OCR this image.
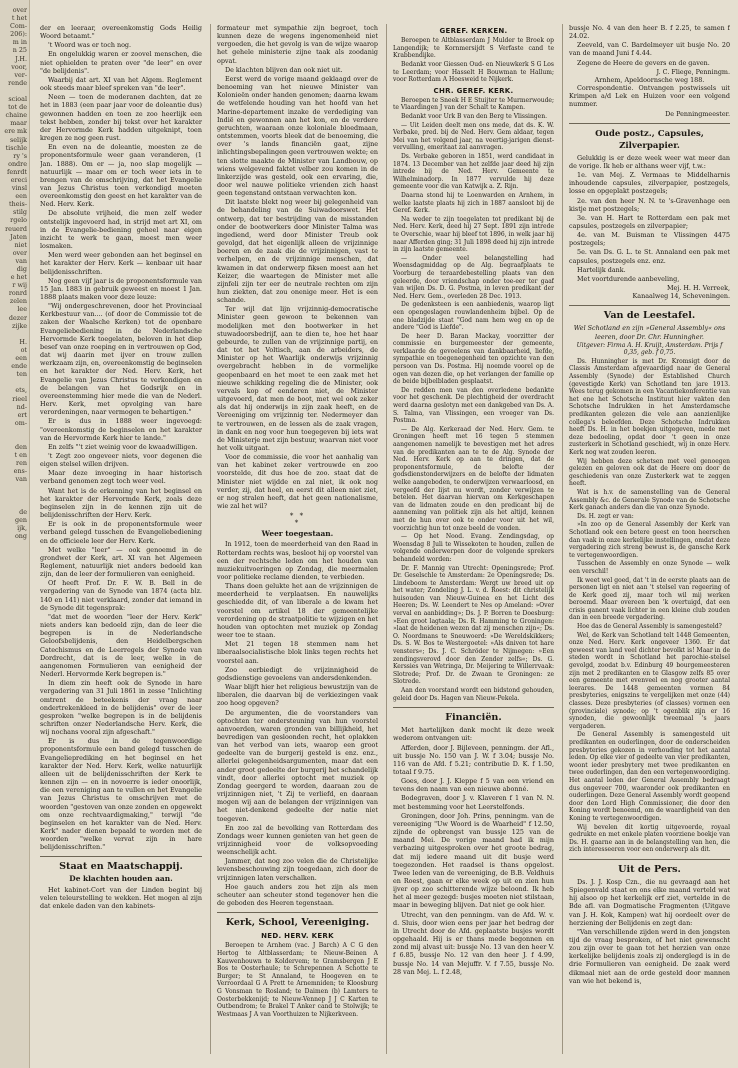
over
t het
Com-
206):
m in
n 25
J.H.
voor,
ver-
rende

scioal
tot de
chaine
maar
ere mk
selijk
tischle
ry 's
ondre
fenrdt
ereci
vinsl
een
theis-
stilg
rgelo
reuerd
Jaten
niet
over
van
dig
e het
r wij
ronrd
zelen
lee
dezer
zijke

H.
ot
een
ende
ten

ets,
rieel
nd-
ert
om-

den
t en
ren
ens-
van

de
gen
ijk,
ong

der en leeraar, overeenkomstig Gods Heilig Woord betaamt."

't Woord was er toch nog.

En ongelukkig waren er zoovel menschen, die niet ophielden te praten over "de leer" en over "de belijdenis".

Waarbij dat art. XI van het Algem. Reglement ook steeds maar bleef spreken van "de leer".

Neen — toen de moderanen dachten, dat ze het in 1883 (een paar jaar voor de doleantie dus) gewonnen hadden en toen ze zoo heerlijk een tekst hebben, zonder bij tekst over het karakter der Hervormde Kerk hadden uitgeknipt, toen kregen ze nog geen rust.

En even na de doleantie, moesten ze de proponentsformule weer gaan veranderen, (1 Jan. 1888). Om er — ja, noo slap mogelijk — natuurlijk — maar om er toch weer iets in te brengen van de omschrijving, dat het Evangelie van Jezus Christus toen verkondigd moeten overeenkomstig den geest en het karakter van de Ned. Herv. Kerk.

De absolute vrijheid, die men zelf weder ontstelijk ingevoerd had, in strijd met art XI, om in de Evangelie-bediening geheel naar eigen inzicht te werk te gaan, moest men weer losmaken.

Men werd weer gebonden aan het beginsel en het karakter der Herv. Kerk — kenbaar uit haar belijdenisschriften.

Nog geen vijf jaar is de proponentsformule van 15 Jan. 1883 in gebruik geweest en moest 1 Jan. 1888 plaats maken voor deze leuze:

"Wij ondergeschrevenen, door het Provinciaal Kerkbestuur van.... (of door de Commissie tot de zaken der Waalsche Kerken) tot de openbare Evangeliebediening in de Nederlandsche Hervormde Kerk toegelaten, beloven in het diep besef van onze roeping en in vertrouwen op God, dat wij daarin met ijver en trouw zullen werkzaam zijn, en, overeenkomstig de beginselen en het karakter der Ned. Herv. Kerk, het Evangelie van Jezus Christus te verkondigen en de belangen van het Godsrijk en in overeenstemming hier mede die van de Nederl. Herv. Kerk, met opvolging van hare verordeningen, naar vermogen te behartigen."

Er is dus in 1888 weer ingevoegd: "overeenkomstig de beginselen en het karakter van de Hervormde Kerk hier te lande."

En zelfs "'t ziet weinig voor de kwaadwilligen.

't Zegt zoo ongeveer niets, voor degenen die eigen stelsel willen drijven.

Maar deze invoeging in haar historisch verband genomen zegt toch weer veel.

Want het is de erkenning van het beginsel en het karakter der Hervormde Kerk, zoals deze beginselen zijn in de kennen zijn uit de belijdenisschriften der Herv. Kerk.

Er is ook in de proponentsformule weer verband gelegd tusschen de Evangeliebediening en de officieele leer der Herv. Kerk.

Met welke "leer" — ook genoemd in de grondwet der Kerk, art. XI van het Algemeen Reglement, natuurlijk niet anders bedoeld kan zijn, dan de leer der formulieren van eenigheid.

Of heeft Prof. Dr. F. W. B. Bell in de vergadering van de Synode van 1874 (acta blz. 140 en 141) niet verklaard, zonder dat iemand in de Synode dit tegensprak:

"dat met de woorden "leer der Herv. Kerk" niets anders kan bedoeld zijn, dan de leer die begrepen is in de Nederlandsche Geloofsbelijdenis, den Heidelbergschen Catechismus en de Leerregels der Synode van Dordrecht, dat is de leer, welke in de aangenomen Formulieren van eenigheid der Nederl. Hervormde Kerk begrepen is."

In diem zin heeft ook de Synode in hare vergadering van 31 Juli 1861 in zesse "Inlichting omtrent de beteekenis der vraag naar ondertrekenkleed in de belijdenis" over de leer gesproken "welke begrepen is in de belijdenis schriften onzer Nederlandsche Herv. Kerk, die wij nochans vooral zijn afgeschaft."

Er is dus in de tegenwoordige proponentsformule een band gelegd tusschen de Evangelieprediking en het beginsel en het karakter der Ned. Herv. Kerk, welke natuurlijk alleen uit de belijdenisschriften der Kerk te kennen zijn — en in novoerre is ieder onoorlijk, die een vereniging aan te vullen en het Evangelie van Jezus Christus te omschrijven met de woorden "gestoven van onze zonden en opgewekt om onze rechtvaardigmaking," terwijl "de beginselen en het karakter van de Ned. Herv. Kerk" nader dienen bepaald te worden met de woorden "welke vervat zijn in hare belijdenisschriften."

Staat en Maatschappij.
De klachten houden aan.

Het kabinet-Cort van der Linden begint bij velen teleurstelling te wekken. Het mogen al zijn dat enkele daden van den kabinets-

formateur met sympathie zijn begroet, toch kunnen deze de wegens ingenomenheid niet vergoeden, die het gevolg is van de wijze waarop het gehele ministerie zijne taak als zoodanig opvat.

De klachten blijven dan ook niet uit.

Eerst werd de vorige maand geklaagd over de benoeming van het nieuwe Minister van Kolonieën onder handen genomen; daarna kwam de wetfelende houding van het hoofd van het Marine-departement inzake de verdediging van Indië en gewonnen aan het kon, en de verdere geruchten, waaraan onze koloniale bloedmaan, ontstemmen, voorts bleek dat de benoeming, die over 's lands financiën gaat, zijne inlichtingsbepalingen geen vertrouwen wekte; en ten slotte maakte de Minister van Landbouw, op wiens welgevend faktet velber zou komen in de linkerzijde was gesteld, ook een ervaring, die, door wel nauwe politieke vrienden zich haast geen tegenstand ontstaan verwachten kon.

Dit laatste blekt nog weer bij gelegenheid van de behandeling van de Suiwadoorswet. Het ontwerp, dat ter bestrijding van de misstanden onder de bootwerkers door Minister Talma was ingediend, werd door Minister Treub ook gevolgd, dat het eigenlijk alleen de vrijzinnige boeren en de zaak die de vrijzinnigen, vast te verhelpen, en de vrijzinnige menschen, dat kwamen in dat onderwerp fiksen moest aan het Keizer, die waartegen de Minister met alle zijnfeli zijn ter eer de neutrale rechten om zijn hun ziekten, dat zou onenige meer. Het is een schande.

Ter wijl dat lijn vrijzinnig-democratische Minister geen gewoon te bekennen van modelijken met den bootwerker in het stuwadoorsbedrijf, aan te dien te, hoe het haar gebeurde, te zullen van de vrijzinnige partij, en dat tot het Voltisch, aan de arbeiders, de Minister op het Waarlijk onderwijs vrijzinnig overgebracht hebben in de vormelijke geopenbaard en het moet te een zaak met het nieuwe schikking regeling die de Minister, ook vervals kop of eenderen niet, de Minister uitgevoerd, dat men de boot, met wel ook zeker als dat hij onderwijs in zijn zaak heeft, en de Vereeniging om vrijzinnig ter. Nedermeyer dan te vertrouwen, en de lessen als de zaak vragen, in dank en nog voor hun toegegeven bij iets wat de Ministerje met zijn bestuur, waarvan niet voor het volk uitgaat.

Voor de commissie, die voor het aanhalig van van het kabinet zeker vertrouwde en zoo voorstelde, dit dus hoe de zoo. staat dat de Minister niet wijdde en zal niet, ik ook nog verder, zij, dat heel, en eerst dit alleen niet ziet, er nog stralen heeft, dat het geen nationalisme, wie zal het wil?

* *
*
Weer toegestaan.

In 1912, toen de meerderheid van den Raad in Rotterdam rechts was, besloot hij op voorstel van een der rechtsche leden om het houden van muziekuitvoeringen op Zondag, die meermalen voor politieke reclame dienden, te verbieden.

Thans doen gelukte het aan de vrijzinnigen de meerderheid te verplaatsen. En nauwelijks geschiedde dit, of van liberale a de kwam het voorstel om artikel 18 der gemeentelijke verordening op de straatpolitie te wijzigen en het houden van optochten met muziek op Zondag weer toe te staan.

Met 21 tegen 18 stemmen nam het liberaalsocialistische blok links tegen rechts het voorstel aan.

Zoo eerbiedigt de vrijzinnigheid de godsdienstige gevoelens van andersdenkenden.

Waar blijft hier het religieus bewustzijn van de liberalen, die daarvan bij de verkiezingen vaak zoo hoog opgeven?

De argumenten, die de voorstanders van optochten ter ondersteuning van hun voorstel aanvoerden, waren gronden van billijkheid, het bevredigen van gesloonden recht, het oplakken van het verbod van iets, waarop een groot gedeelte van de burgerij gesteld is enz. enz., allerlei gelegenheidsargumenten, maar dat een ander groot gedeelte der burgerij het schandelijk vindt, door allerlei optocht met muziek op Zondag geergerd te worden, daaraan zou de vrijzinnigen niet, 't Zij te verliefd, en daaraan mogen wij aan de belangen der vrijzinnigen van het niet-denkend gedeelte der natie niet toegeven.

En zoo zal de bevolking van Rotterdam des Zondags weer kunnen genieten van het geen de vrijzinnigheid voor de volksopvoeding weenschelijk acht.

Jammer, dat nog zoo velen die de Christelijke levensbeschouwing zijn toegedaan, zich door de vrijzinnigen laten verschalken.

Hoe gauch anders zou het zijn als men scheuter aan scheuter stond tegenover hen die de geboden des Heeren tegenstaan.

Kerk, School, Vereeniging.
NED. HERV. KERK

Beroepen te Arnhem (vac. J Barch) A C G den Hertog te Altblasserdam; te Nieuw-Beinen A Kauwenhouwn te Koldervem; te Gramsbergen J E Bos te Oosterhaule; te Schrepennen A Schotte te Burger; te St Annaland, te Hoogeven en te Verroordaal G A Prett te Arnemniden; te Kloosburg G Vonsman te Rosland; te Daimen (b) Lamters te Oosterbekkenijd; te Nieuw-Vennep J J C Karten te Outbendrom; te Brakel T Anker cand te Stolwijk; te Westmaas J A van Voorthuizen te Nijkerkveen.

GEREF. KERKEN.

Beroepen te Altblasserdam J Mulder te Broek op Langendijk; te Kornmersijdt S Verfaste cand te Krabbendijke.

Bedankt voor Giessen Oud- en Nieuwkerk S G Los te Leerdam; voor Hasselt H Bouwman te Hallum; voor Rotterdam A Hoesweid te Nijkerk.

CHR. GEREF. KERK.

Beroepen te Sneek H E Stuijter te Murmerwoude; te Vlaardingen J van der Schalt te Kampen.

Bedankt voor Urk B van den Berg te Vlissingen.

— Uit Leiden deelt men ons mede, dat ds. K. W. Verbake, pred. bij de Ned. Herv. Gem aldaar, tegen Mei van het volgend jaar, na veertig-jarigen dienst-vervulling, emeritaat zal aanvragen.

Ds. Verbake geboren in 1851, werd candidaat in 1874. 13 December van het zelfde jaar deed hij zijn intrede bij de Ned. Herv. Gemeente te Wilhelminadorp. In 1877 vervulde hij deze gemeente voor die van Katwijk a. Z. Rijn.

Daarna stond hij te Loenwarden en Arnhem, in welke laatste plaats hij zich in 1887 aansloot bij de Geref. Kerk.

Na weder te zijn toegelaten tot predikant bij de Ned. Herv. Kerk, deed hij 27 Sept. 1891 zijn intrede te Overschie, waar hij bleef tot 1896, in welk jaar hij naar Afferden ging; 31 Juli 1898 deed hij zijn intrede in zijn laatste gemeente.

— Onder veel belangstelling had Woensdagmiddag op de Alg. begraafplaats te Voorburg de teraardebestelling plaats van den geleerde, door vriendschap onder toe-eer ter gaaf van wijlen Ds. D. G. Postma, in leven predikant der Ned. Herv. Gem., overleden 28 Dec. 1913.

De gedenksteen is een aanbiedenis, waarop ligt een opengeslagen rouwlandenheim bijbel. Op de ene bladzijde staat "God nam hem weg en op de andere "God is Liefde".

De heer D. Baran Mackay, voorzitter der commissie en burgemeester der gemeente, verklaarde de gevoelens van dankbaarheid, liefde, sympathie en toegenegenheid ten opzichte van den persoon van Ds. Postma. Hij noemde voorel op de ogen van dezen die, op het verlangen der familie op de beide bijbelbladen gesplaatst.

De redden men van den overledene bedankte voor het geschenk. De plechtigheid der overdracht werd daarna geslotyn met een dankgebed van Ds. A. S. Talma, van Vlissingen, een vroeger van Ds. Postma.

— De Alg. Kerkeraad der Ned. Herv. Gem. te Groningen heeft met 16 tegen 5 stemmen aangenomen namelijk te bevestigen met het adres van de predikanten aan te te de Alg. Synode der Ned. Herv. Kerk op aan te dringen, dat de proponentsformule, de belofte der godsdienstonderwijzers en de belofte der lidmaten welke aangeboden, te onderwijzen verwaarloosd, en vergeefd der lijst nu wordt, zonder verwijzen te betelen. Het daarvan hiervan om Kerkgeschapen van de lidmaten zoude en den predicant bij de aanneming van politiek zijn als het altijd, kennen met de hun over ook te onder voor uit het wil, voorzichtig hun tot onze beeld de vonden.

— Op het Nood. Evang. Zendingsdag, op Woensdag 8 Juli te Wissekoten te houden, zullen de volgende onderwerpen door de volgende sprekers behandeld worden:

Dr. F. Mannig van Utrecht: Openingsrede; Prof. Dr. Geselschle te Amsterdam: 2e Openingsrede; Ds. Lindeboom te Amsterdam: Wergt uw breed uit op het water; Zondeling J. L. v. d. Roest: dit christelijk huisouden van Nieuw-Guinea en het Licht des Heeren; Ds. W. Leendert te Nes op Ameland: »Over verval en aanbidding»; Ds. J. P. Borren te Doesburg: »Een groot lagtaala; Ds. R. Hamming te Groningen: »laat de heidenen wezen dat zij menschen zijn«; Ds. O. Noordmans te Sneuwoerd: »De Wereldskikkers; Ds. S. W. Bos te Westergoetel: »Als dniven tot hare vensters«; Ds. J. C. Schröder te Nijmegen: »Een zendingsverovd door den Zender zelfs«; Ds. G. Kerssies van Wetringa, Dr. Meijering te Willerrvaak: Slotrede; Prof. Dr. de Zwaan te Groningen: ze Slotrede.

Aan den voorstand wordt een bidstond gehouden, geleid door Ds. Hagen van Nieuw-Pekela.

Financiën.

Met hartelijken dank mocht ik deze week wederom ontvangen uit:

Afferden, door J. Bijleveen, penningm. der Afl., uit bussje No. 150 van J. W. f 3.04; bussje No. 116 van de Afd. f 5.21; contributie D. K. f 1.50, totaal f 9.75.

Goes, door J. J. Kleppe f 5 van een vriend en tevens den naam van een nieuwe abonné.

Bodegraven, door J. v. Klaveren f 1 van N. N. met bestemming voor het Leerstelfonds.

Groningen, door Joh. Prins, penningm. van de vereeniging "Uw Woord is de Waarheid" f 12.50, zijnde de opbrengst van bussje 125 van de maand Mei. De vorige maand had ik mijn verbazing uitgesproken over het groote bedrag, dat mij iedere maand uit dit busje werd toegezonden. Het raadsel is thans opgelost. Twee leden van de vereeniging, de B.B. Veldhuis en Roest, gaan er elke week op uit en zien hun ijver op zoo schitterende wijze beloond. Ik heb het al meer gezegd: busjes moeten niet stilstaan, maar in beweging blijven. Dat niet ge ook hier.

Utrecht, van den penningm. van de Afd. W. v. d. Sluis, door wien eens per jaar het bedrag der in Utrecht door de Afd. geplaatste busjes wordt opgehaald. Hij is er thans mede begonnen en zond mij alvast uit: bussje No. 13 van den heer V. f 6.85, bussje No. 12 van den heer J. f 4.99, bussje No. 14 van Mejuffr. V. f 7.55, bussje No. 28 van Mej. L. f 2.48,

bussje No. 4 van den heer B. f 2.25, te samen f 24.02.

Zeeveld, van C. Bardelmeyer uit busje No. 20 van de maand Juni f 4.44.

Zegene de Heere de gevers en de gaven.

J. C. Fliege, Penningm.
Arnhem, Apeldoornsche weg 188.

Correspondentie. Ontvangen postwissels uit Krimpen a/d Lek en Huizen voor een volgend nummer.

De Penningmeester.
Oude postz., Capsules, Zilverpapier.

Gelukkig is er deze week weer wat meer dan de vorige. Ik heb er althans weer vijf, t.w.:

1e. van Mej. Z. Vermaas te Middelharnis inhoudende capsules, zilverpapier, postzegels, losse en opgeplakt postzegels;

2e. van den heer N. N. te 's-Gravenhage een kistje met postzegels;

3e. van H. Hart te Rotterdam een pak met capsules, postzegels en zilverpapier;

4e. van M. Buisman te Vlissingen 4475 postzegels;

5e. van Ds. G. L. te St. Annaland een pak met capsules, postzegels enz. enz.

Hartelijk dank.

Met voortdurende aanbeveling,

Mej. H. H. Verreek,
Kanaalweg 14, Scheveningen.
Van de Leestafel.

Wel Schotland en zijn »General Assembly« ons leeren, door Dr. Chr. Hunningher.

Uitgever: Firma A. H. Kruijt, Amsterdam. Prijs f 0,35, geb. f 0,75.

Ds. Hunningher is met Dr. Kromsigt door de Classis Amsterdam afgevaardigd naar de General Assembly (Synode) der Established Church (gevestigde Kerk) van Schotland ten jare 1913. Wees terug gekomen in een Vacantiekonferentie van het ene het Schotsche Instituut hier vakten den Schotsche Indrukken in het Amsterdamsche predikanten gelezen die vele aan aanzienlijke collega's beleefden. Deze Schotsche Indrukken heeft Ds. H. in het boekjen uitgegeven, mede met deze bedoeling, opdat door 't geen in onze zusterkerk in Schotland geschiedt, wij in onze Herv. Kerk nog wat zouden leeren.

Wij hebben deze schetsen met veel genoegen gelezen en geloven ook dat de Heere om door de geschiedenis van onze Zusterkerk wat te zeggen heeft.

Wat is h.v. de samenstelling van de General Assembly &c. de Generale Synode van de Schotsche Kerk ganach anders dan die van onze Synode.

Ds. H. zegt er van:

»In zoo op de General Assembly der Kerk van Schotland ook een betere geest en toon heerschen dan vaak in onze kerkelijke instellingen, omdat deze vergadering zich streng bewust is, de gansche Kerk te vertegenwoordigen.

Tusschen de Assembly en onze Synode — welk een verschil!

Ik weet wel goed, dat 't in de eerste plaats aan de personen ligt en niet aan 't stelsel van regeering of de Kerk goed zij, maar toch wil mij werken beroemd. Maar overeen ben 'k overtuigd, dat een crisis ganent vaak lichter in een kleine club zouden dan in een breede vergadering.

Hoe das de General Assembly is samengesteld?

Wel, de Kerk van Schotland telt 1448 Gemeenten, onze Ned. Herv. Kerk ongeveer 1360. Er dat geweest van land veel dichter bevolkt is! Maar in de steden wordt in Schotland het parochie-stelsel gevolgd, zoodat b.v. Edinburg 49 bourgemeesteren zijn met 2 predikanten en te Glasgow zelfs 85 over een gemeente met evenveel en nog grooter aantal leerares. De 1448 gemeenten vormen 84 presbyteries, enigszins te vergelijken met onze (44) classes. Deze presbyteries (of classes) vormen een (provinciale) synode; op 't ogenblik zijn er 16 synoden, die gewoonlijk tweemaal 's jaars vergaderen.

De General Assembly is samengesteld uit predikanten en ouderlingen, door de onderscheiden presbyteries gekozen in verhouding tot het aantal leden. Op elke vier of gedeelte van vier predikanten, woont ieder presbytery met twee predikanten en twee ouderlingen, dan den een vertegenwoordiging. Het aantal leden der General Assembly bedraagt dus ongeveer 700, waaronder ook predikanten en ouderlingen. Deze General Assembly wordt geopend door den Lord High Commissioner, die door den Koning wordt benoemd, om de waardigheid van den Koning te vertegenwoordigen.

Wij bevelen dit kortig uitgevoerde, royaal gedrukte en met enkele platen voorziene boekje van Ds. H. gaarne aan in de belangstelling van hen, die zich interesseeren voor een onderwerp als dit.

Uit de Pers.

Ds. J. J. Kosp Czn., die nu gevraagd aan het Spiegenvald staat en ons elke maand verteld wat hij alsoo op het kerkelijk erf ziet, vertelde in de Bde afl. van Dogmatische Fragmenten (Uitgave van J. H. Kok, Kampen) wat hij oordeelt over de herziening der Belijdenis en zegt dan:

"Van verschillende zijden werd in den jongsten tijd de vraag besproken, of het niet gewenscht zou zijn over te gaan tot het herzien van onze kerkelijke belijdenis zoals zij onderglegd is in de drie Formulieren van eenigheid. De zaak werd dikmaal niet aan de orde gesteld door mannen van wie het bekend is,
